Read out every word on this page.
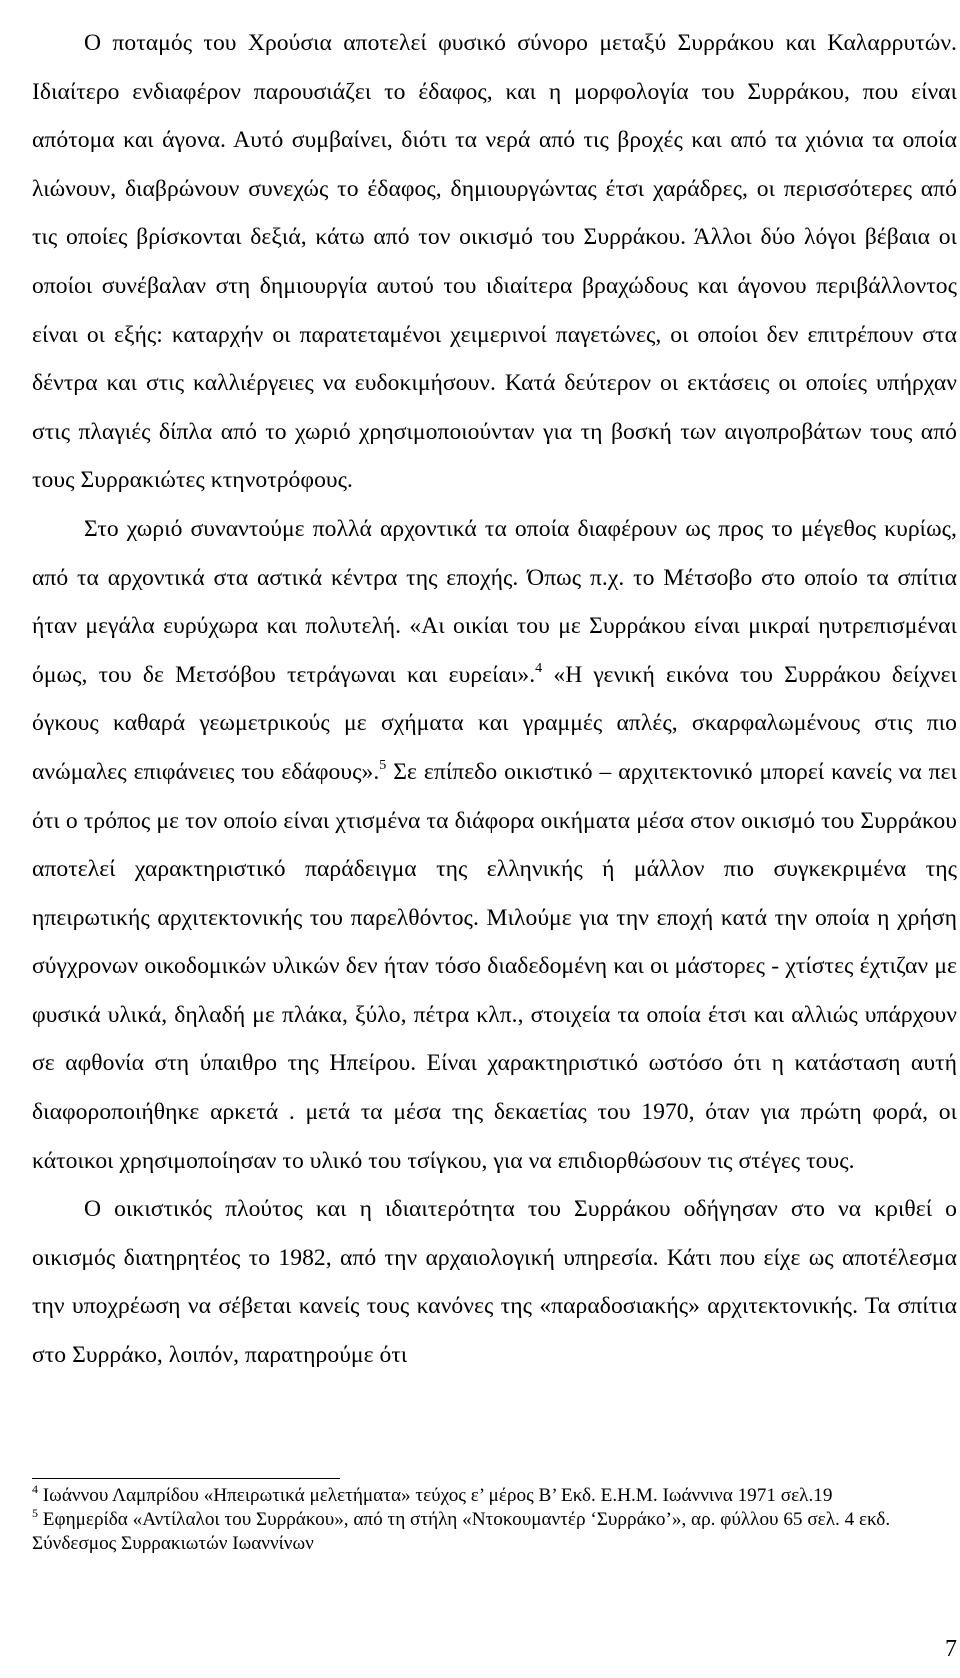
Ο ποταμός του Χρούσια αποτελεί φυσικό σύνορο μεταξύ Συρράκου και Καλαρρυτών. Ιδιαίτερο ενδιαφέρον παρουσιάζει το έδαφος, και η μορφολογία του Συρράκου, που είναι απότομα και άγονα. Αυτό συμβαίνει, διότι τα νερά από τις βροχές και από τα χιόνια τα οποία λιώνουν, διαβρώνουν συνεχώς το έδαφος, δημιουργώντας έτσι χαράδρες, οι περισσότερες από τις οποίες βρίσκονται δεξιά, κάτω από τον οικισμό του Συρράκου. Άλλοι δύο λόγοι βέβαια οι οποίοι συνέβαλαν στη δημιουργία αυτού του ιδιαίτερα βραχώδους και άγονου περιβάλλοντος είναι οι εξής: καταρχήν οι παρατεταμένοι χειμερινοί παγετώνες, οι οποίοι δεν επιτρέπουν στα δέντρα και στις καλλιέργειες να ευδοκιμήσουν. Κατά δεύτερον οι εκτάσεις οι οποίες υπήρχαν στις πλαγιές δίπλα από το χωριό χρησιμοποιούνταν για τη βοσκή των αιγοπροβάτων τους από τους Συρρακιώτες κτηνοτρόφους.

Στο χωριό συναντούμε πολλά αρχοντικά τα οποία διαφέρουν ως προς το μέγεθος κυρίως, από τα αρχοντικά στα αστικά κέντρα της εποχής. Όπως π.χ. το Μέτσοβο στο οποίο τα σπίτια ήταν μεγάλα ευρύχωρα και πολυτελή. «Αι οικίαι του με Συρράκου είναι μικραί ηυτρεπισμέναι όμως, του δε Μετσόβου τετράγωναι και ευρείαι».$^4$ «Η γενική εικόνα του Συρράκου δείχνει όγκους καθαρά γεωμετρικούς με σχήματα και γραμμές απλές, σκαρφαλωμένους στις πιο ανώμαλες επιφάνειες του εδάφους».$^5$ Σε επίπεδο οικιστικό – αρχιτεκτονικό μπορεί κανείς να πει ότι ο τρόπος με τον οποίο είναι χτισμένα τα διάφορα οικήματα μέσα στον οικισμό του Συρράκου αποτελεί χαρακτηριστικό παράδειγμα της ελληνικής ή μάλλον πιο συγκεκριμένα της ηπειρωτικής αρχιτεκτονικής του παρελθόντος. Μιλούμε για την εποχή κατά την οποία η χρήση σύγχρονων οικοδομικών υλικών δεν ήταν τόσο διαδεδομένη και οι μάστορες - χτίστες έχτιζαν με φυσικά υλικά, δηλαδή με πλάκα, ξύλο, πέτρα κλπ., στοιχεία τα οποία έτσι και αλλιώς υπάρχουν σε αφθονία στη ύπαιθρο της Ηπείρου. Είναι χαρακτηριστικό ωστόσο ότι η κατάσταση αυτή διαφοροποιήθηκε αρκετά . μετά τα μέσα της δεκαετίας του 1970, όταν για πρώτη φορά, οι κάτοικοι χρησιμοποίησαν το υλικό του τσίγκου, για να επιδιορθώσουν τις στέγες τους.

Ο οικιστικός πλούτος και η ιδιαιτερότητα του Συρράκου οδήγησαν στο να κριθεί ο οικισμός διατηρητέος το 1982, από την αρχαιολογική υπηρεσία. Κάτι που είχε ως αποτέλεσμα την υποχρέωση να σέβεται κανείς τους κανόνες της «παραδοσιακής» αρχιτεκτονικής. Τα σπίτια στο Συρράκο, λοιπόν, παρατηρούμε ότι

$^4$ Ιωάννου Λαμπρίδου «Ηπειρωτικά μελετήματα» τεύχος ε’ μέρος Β’ Εκδ. Ε.Η.Μ. Ιωάννινα 1971 σελ.19

$^5$ Εφημερίδα «Αντίλαλοι του Συρράκου», από τη στήλη «Ντοκουμαντέρ ‘Συρράκο’», αρ. φύλλου 65 σελ. 4 εκδ. Σύνδεσμος Συρρακιωτών Ιωαννίνων

7
